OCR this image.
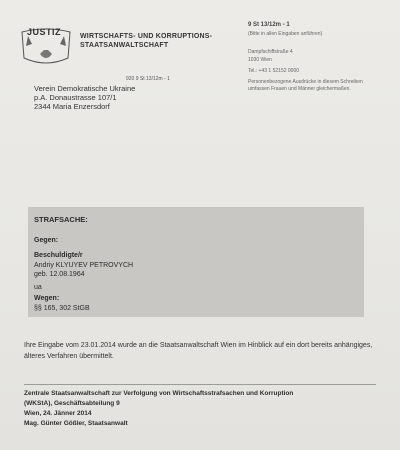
JUSTIZ	WIRTSCHAFTS- UND KORRUPTIONS-
STAATSANWALTSCHAFT
9 St 13/12m - 1
(Bitte in allen Eingaben anführen)
Dampfschiffstraße 4
1030 Wien
Tel.: +43 1 52152 0000
Personenbezogene Ausdrücke in diesem Schreiben umfassen Frauen und Männer gleichermaßen.
920 9 St 13/12m - 1
Verein Demokratische Ukraine
p.A. Donaustrasse 107/1
2344 Maria Enzersdorf
STRAFSACHE:
Gegen:
Beschuldigte/r
Andriy KLYUYEV PETROVYCH
geb. 12.08.1964
ua
Wegen:
§§ 165, 302 StGB
Ihre Eingabe vom 23.01.2014 wurde an die Staatsanwaltschaft Wien im Hinblick auf ein dort bereits anhängiges, älteres Verfahren übermittelt.
Zentrale Staatsanwaltschaft zur Verfolgung von Wirtschaftsstrafsachen und Korruption
(WKStA), Geschäftsabteilung 9
Wien, 24. Jänner 2014
Mag. Günter Gößler, Staatsanwalt
